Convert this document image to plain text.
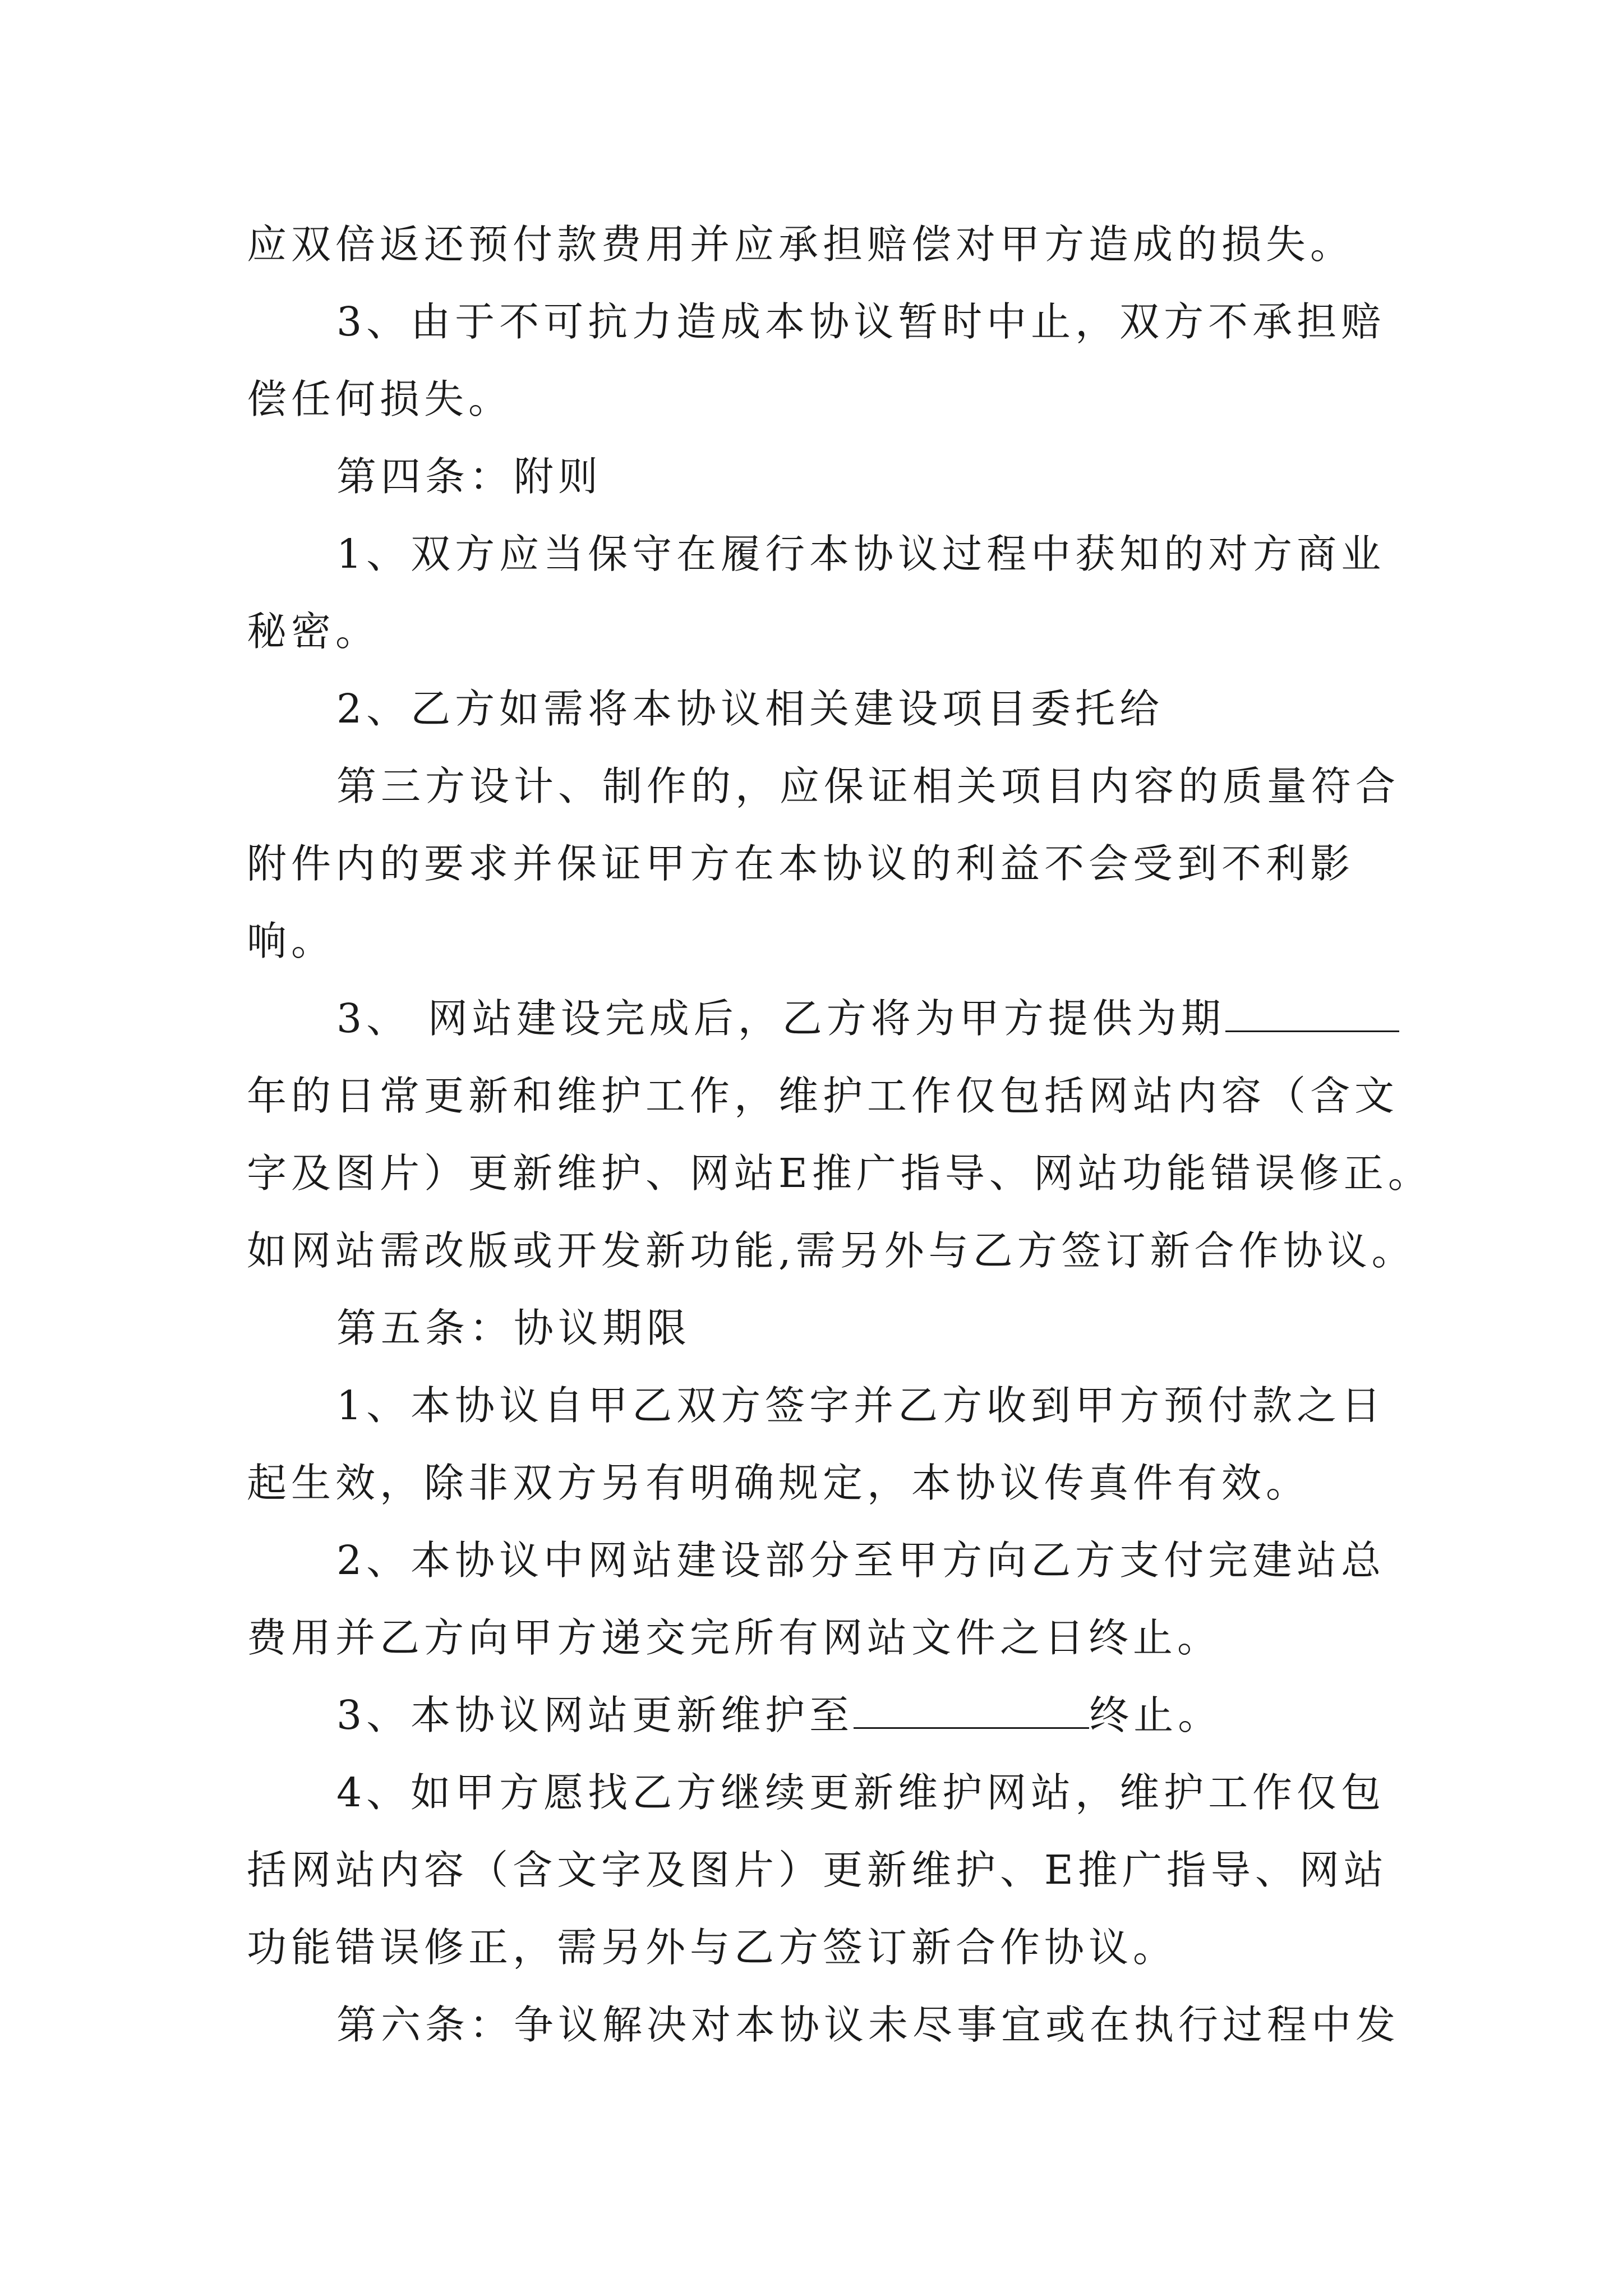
应双倍返还预付款费用并应承担赔偿对甲方造成的损失。
3、由于不可抗力造成本协议暂时中止，双方不承担赔
偿任何损失。
第四条：附则
1、双方应当保守在履行本协议过程中获知的对方商业
秘密。
2、乙方如需将本协议相关建设项目委托给
第三方设计、制作的，应保证相关项目内容的质量符合
附件内的要求并保证甲方在本协议的利益不会受到不利影
响。
3、 网站建设完成后，乙方将为甲方提供为期
年的日常更新和维护工作，维护工作仅包括网站内容（含文
字及图片）更新维护、网站E推广指导、网站功能错误修正。
如网站需改版或开发新功能,需另外与乙方签订新合作协议。
第五条：协议期限
1、本协议自甲乙双方签字并乙方收到甲方预付款之日
起生效，除非双方另有明确规定，本协议传真件有效。
2、本协议中网站建设部分至甲方向乙方支付完建站总
费用并乙方向甲方递交完所有网站文件之日终止。
3、本协议网站更新维护至	终止。
4、如甲方愿找乙方继续更新维护网站，维护工作仅包
括网站内容（含文字及图片）更新维护、E推广指导、网站
功能错误修正，需另外与乙方签订新合作协议。
第六条：争议解决对本协议未尽事宜或在执行过程中发
